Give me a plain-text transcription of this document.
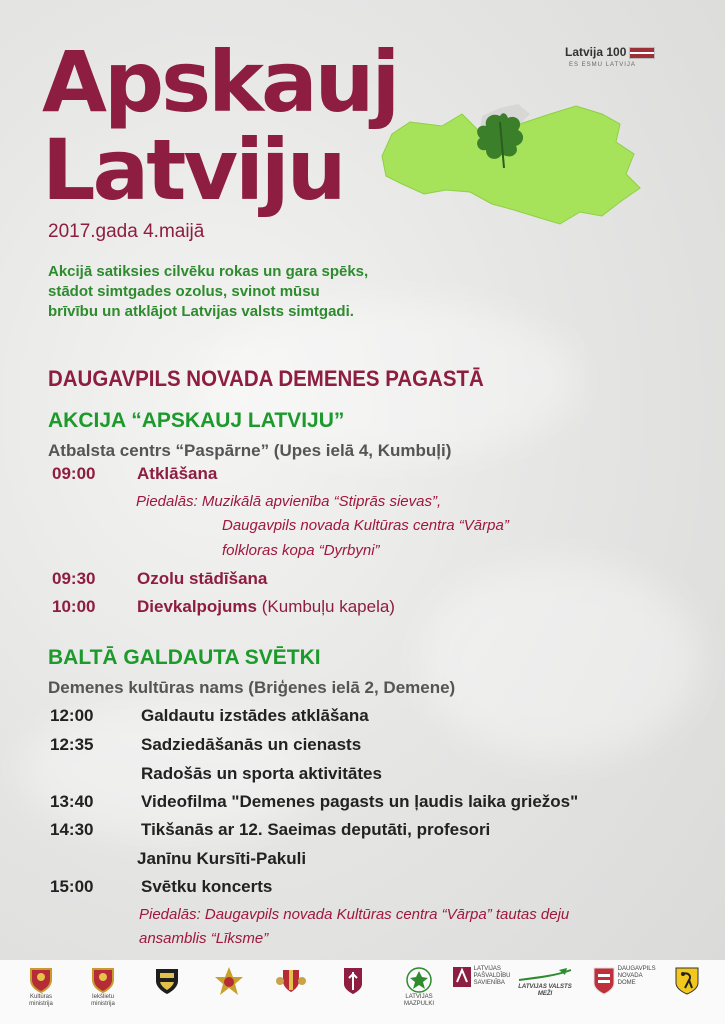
Apskauj
Latviju
2017.gada 4.maijā
Akcijā satiksies cilvēku rokas un gara spēks,
stādot simtgades ozolus, svinot mūsu
brīvību un atklājot Latvijas valsts simtgadi.
Latvija 100
ES ESMU LATVIJA
DAUGAVPILS NOVADA DEMENES PAGASTĀ
AKCIJA “APSKAUJ LATVIJU”
Atbalsta centrs “Paspārne” (Upes ielā 4, Kumbuļi)
09:00 Atklāšana
Piedalās: Muzikālā apvienība “Stiprās sievas”,
Daugavpils novada Kultūras centra “Vārpa”
folkloras kopa “Dyrbyni”
09:30 Ozolu stādīšana
10:00 Dievkalpojums (Kumbuļu kapela)
BALTĀ GALDAUTA SVĒTKI
Demenes kultūras nams (Briģenes ielā 2, Demene)
12:00	Galdautu izstādes atklāšana
12:35	Sadziedāšanās un cienasts
Radošās un sporta aktivitātes
13:40	Videofilma "Demenes pagasts un ļaudis laika griežos"
14:30	Tikšanās ar 12. Saeimas deputāti, profesori
Janīnu Kursīti-Pakuli
15:00	Svētku koncerts
Piedalās: Daugavpils novada Kultūras centra “Vārpa” tautas deju
ansamblis “Līksme”
Kultūras ministrija
Iekšlietu ministrija
LATVIJAS MAZPULKI
LATVIJAS PAŠVALDĪBU SAVIENĪBA
LATVIJAS VALSTS MEŽI
DAUGAVPILS NOVADA DOME
